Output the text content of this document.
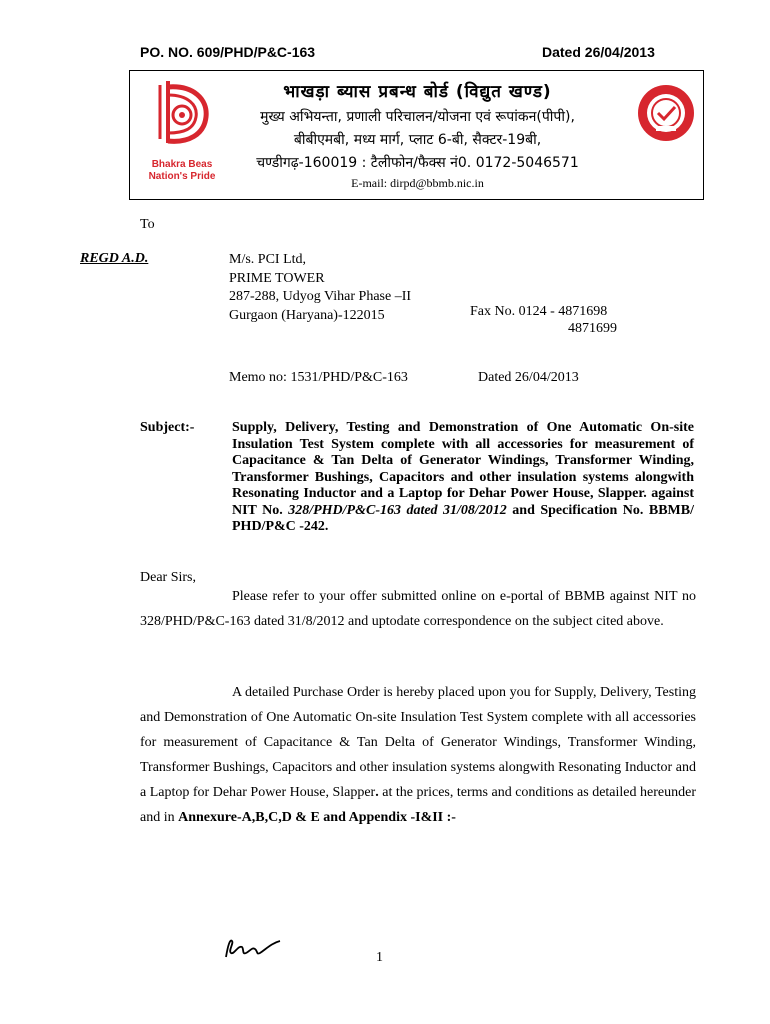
PO. NO. 609/PHD/P&C-163	Dated 26/04/2013
Bhakra Beas
Nation's Pride
भाखड़ा ब्यास प्रबन्ध बोर्ड (विद्युत खण्ड)
मुख्य अभियन्ता, प्रणाली परिचालन/योजना एवं रूपांकन(पीपी),
बीबीएमबी, मध्य मार्ग, प्लाट 6-बी, सैक्टर-19बी,
चण्डीगढ़-160019 : टैलीफोन/फैक्स नं0. 0172-5046571
E-mail: dirpd@bbmb.nic.in
To
REGD A.D.	M/s. PCI Ltd,
PRIME TOWER
287-288, Udyog Vihar Phase –II
Gurgaon (Haryana)-122015	Fax No. 0124 - 4871698
4871699
Memo no: 1531/PHD/P&C-163	Dated 26/04/2013
Subject:-	Supply, Delivery, Testing and Demonstration of One Automatic On-site Insulation Test System complete with all accessories for measurement of Capacitance & Tan Delta of Generator Windings, Transformer Winding, Transformer Bushings, Capacitors and other insulation systems alongwith Resonating Inductor and a Laptop for Dehar Power House, Slapper. against NIT No. 328/PHD/P&C-163 dated 31/08/2012 and Specification No. BBMB/ PHD/P&C -242.
Dear Sirs,
Please refer to your offer submitted online on e-portal of BBMB against NIT no 328/PHD/P&C-163 dated 31/8/2012 and uptodate correspondence on the subject cited above.
A detailed Purchase Order is hereby placed upon you for Supply, Delivery, Testing and Demonstration of One Automatic On-site Insulation Test System complete with all accessories for measurement of Capacitance & Tan Delta of Generator Windings, Transformer Winding, Transformer Bushings, Capacitors and other insulation systems alongwith Resonating Inductor and a Laptop for Dehar Power House, Slapper. at the prices, terms and conditions as detailed hereunder and in Annexure-A,B,C,D & E and Appendix -I&II :-
1
